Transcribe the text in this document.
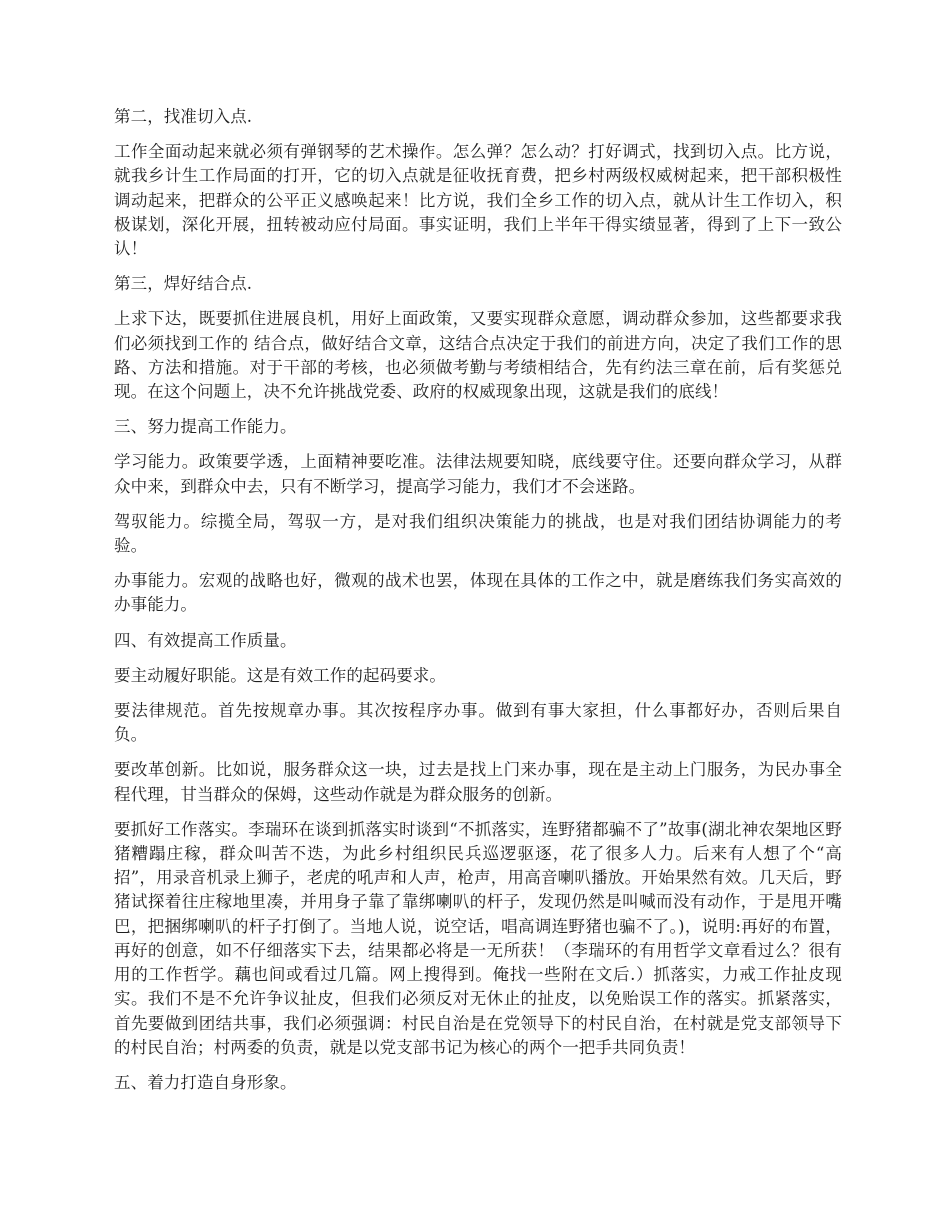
第二，找准切入点.

工作全面动起来就必须有弹钢琴的艺术操作。怎么弹？怎么动？打好调式，找到切入点。比方说，就我乡计生工作局面的打开，它的切入点就是征收抚育费，把乡村两级权威树起来，把干部积极性调动起来，把群众的公平正义感唤起来！比方说，我们全乡工作的切入点，就从计生工作切入，积极谋划，深化开展，扭转被动应付局面。事实证明，我们上半年干得实绩显著，得到了上下一致公认！

第三，焊好结合点.

上求下达，既要抓住进展良机，用好上面政策，又要实现群众意愿，调动群众参加，这些都要求我们必须找到工作的 结合点，做好结合文章，这结合点决定于我们的前进方向，决定了我们工作的思路、方法和措施。对于干部的考核，也必须做考勤与考绩相结合，先有约法三章在前，后有奖惩兑现。在这个问题上，决不允许挑战党委、政府的权威现象出现，这就是我们的底线！

三、努力提高工作能力。

学习能力。政策要学透，上面精神要吃准。法律法规要知晓，底线要守住。还要向群众学习，从群众中来，到群众中去，只有不断学习，提高学习能力，我们才不会迷路。

驾驭能力。综揽全局，驾驭一方，是对我们组织决策能力的挑战，也是对我们团结协调能力的考验。

办事能力。宏观的战略也好，微观的战术也罢，体现在具体的工作之中，就是磨练我们务实高效的办事能力。

四、有效提高工作质量。

要主动履好职能。这是有效工作的起码要求。

要法律规范。首先按规章办事。其次按程序办事。做到有事大家担，什么事都好办，否则后果自负。

要改革创新。比如说，服务群众这一块，过去是找上门来办事，现在是主动上门服务，为民办事全程代理，甘当群众的保姆，这些动作就是为群众服务的创新。

要抓好工作落实。李瑞环在谈到抓落实时谈到“不抓落实，连野猪都骗不了”故事(湖北神农架地区野猪糟蹋庄稼，群众叫苦不迭，为此乡村组织民兵巡逻驱逐，花了很多人力。后来有人想了个“高招”，用录音机录上狮子，老虎的吼声和人声，枪声，用高音喇叭播放。开始果然有效。几天后，野猪试探着往庄稼地里凑，并用身子靠了靠绑喇叭的杆子，发现仍然是叫喊而没有动作，于是甩开嘴巴，把捆绑喇叭的杆子打倒了。当地人说，说空话，唱高调连野猪也骗不了。)，说明:再好的布置，再好的创意，如不仔细落实下去，结果都必将是一无所获！（李瑞环的有用哲学文章看过么？很有用的工作哲学。藕也间或看过几篇。网上搜得到。俺找一些附在文后.）抓落实，力戒工作扯皮现实。我们不是不允许争议扯皮，但我们必须反对无休止的扯皮，以免贻误工作的落实。抓紧落实，首先要做到团结共事，我们必须强调：村民自治是在党领导下的村民自治，在村就是党支部领导下的村民自治；村两委的负责，就是以党支部书记为核心的两个一把手共同负责！

五、着力打造自身形象。
